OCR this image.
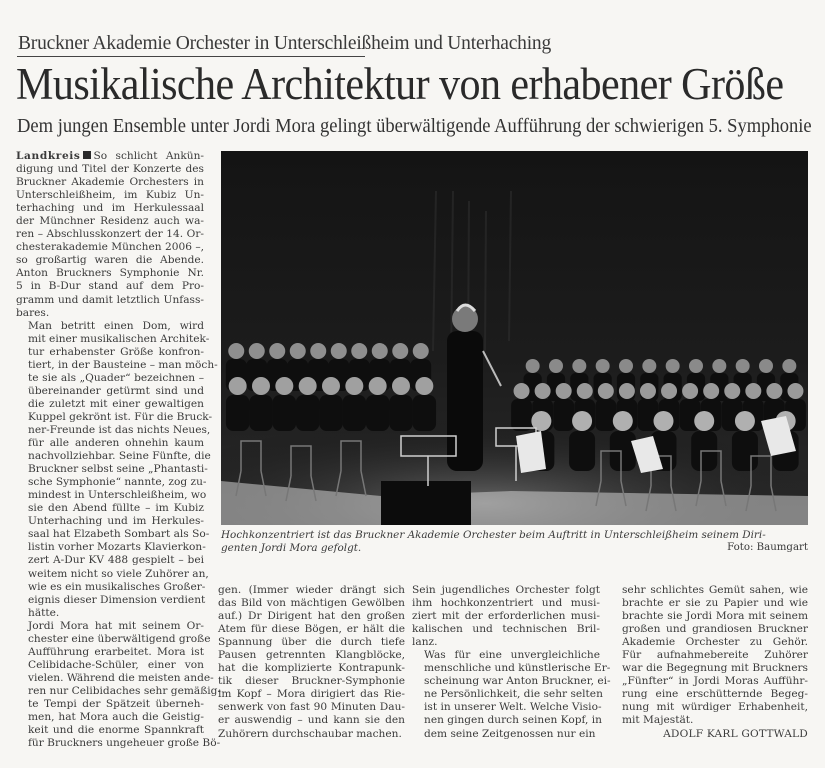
Bruckner Akademie Orchester in Unterschleißheim und Unterhaching
Musikalische Architektur von erhabener Größe
Dem jungen Ensemble unter Jordi Mora gelingt überwältigende Aufführung der schwierigen 5. Symphonie

Landkreis So schlicht Ankün-
digung und Titel der Konzerte des
Bruckner Akademie Orchesters in
Unterschleißheim, im Kubiz Un-
terhaching und im Herkulessaal
der Münchner Residenz auch wa-
ren – Abschlusskonzert der 14. Or-
chesterakademie München 2006 –,
so großartig waren die Abende.
Anton Bruckners Symphonie Nr.
5 in B-Dur stand auf dem Pro-
gramm und damit letztlich Unfass-
bares.

Man betritt einen Dom, wird
mit einer musikalischen Architek-
tur erhabenster Größe konfron-
tiert, in der Bausteine – man möch-
te sie als „Quader“ bezeichnen –
übereinander getürmt sind und
die zuletzt mit einer gewaltigen
Kuppel gekrönt ist. Für die Bruck-
ner-Freunde ist das nichts Neues,
für alle anderen ohnehin kaum
nachvollziehbar. Seine Fünfte, die
Bruckner selbst seine „Phantasti-
sche Symphonie“ nannte, zog zu-
mindest in Unterschleißheim, wo
sie den Abend füllte – im Kubiz
Unterhaching und im Herkules-
saal hat Elzabeth Sombart als So-
listin vorher Mozarts Klavierkon-
zert A-Dur KV 488 gespielt – bei
weitem nicht so viele Zuhörer an,
wie es ein musikalisches Großer-
eignis dieser Dimension verdient
hätte.

Jordi Mora hat mit seinem Or-
chester eine überwältigend große
Aufführung erarbeitet. Mora ist
Celibidache-Schüler, einer von
vielen. Während die meisten ande-
ren nur Celibidaches sehr gemäßig-
te Tempi der Spätzeit überneh-
men, hat Mora auch die Geistig-
keit und die enorme Spannkraft
für Bruckners ungeheuer große Bö-

Hochkonzentriert ist das Bruckner Akademie Orchester beim Auftritt in Unterschleißheim seinem Diri-
genten Jordi Mora gefolgt.	Foto: Baumgart

gen. (Immer wieder drängt sich
das Bild von mächtigen Gewölben
auf.) Dr Dirigent hat den großen
Atem für diese Bögen, er hält die
Spannung über die durch tiefe
Pausen getrennten Klangblöcke,
hat die komplizierte Kontrapunk-
tik dieser Bruckner-Symphonie
im Kopf – Mora dirigiert das Rie-
senwerk von fast 90 Minuten Dau-
er auswendig – und kann sie den
Zuhörern durchschaubar machen.

Sein jugendliches Orchester folgt
ihm hochkonzentriert und musi-
ziert mit der erforderlichen musi-
kalischen und technischen Bril-
lanz.

Was für eine unvergleichliche
menschliche und künstlerische Er-
scheinung war Anton Bruckner, ei-
ne Persönlichkeit, die sehr selten
ist in unserer Welt. Welche Visio-
nen gingen durch seinen Kopf, in
dem seine Zeitgenossen nur ein

sehr schlichtes Gemüt sahen, wie
brachte er sie zu Papier und wie
brachte sie Jordi Mora mit seinem
großen und grandiosen Bruckner
Akademie Orchester zu Gehör.
Für aufnahmebereite Zuhörer
war die Begegnung mit Bruckners
„Fünfter“ in Jordi Moras Aufführ-
rung eine erschütternde Begeg-
nung mit würdiger Erhabenheit,
mit Majestät.

ADOLF KARL GOTTWALD
